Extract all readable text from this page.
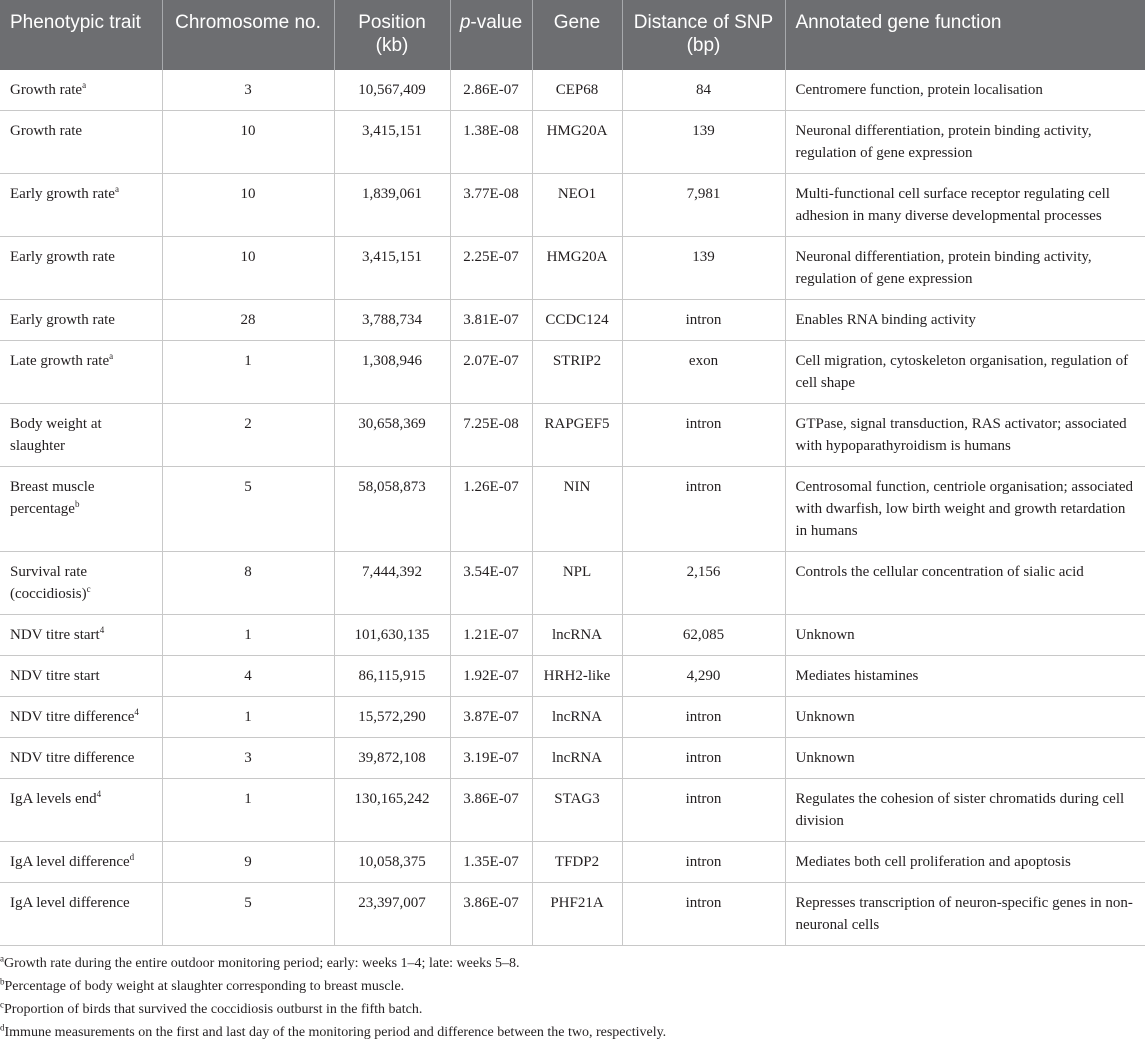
Phenotypic trait	Chromosome no.	Position (kb)	p-value	Gene	Distance of SNP (bp)	Annotated gene function
Growth rate$^a$	3	10,567,409	2.86E-07	CEP68	84	Centromere function, protein localisation
Growth rate	10	3,415,151	1.38E-08	HMG20A	139	Neuronal differentiation, protein binding activity, regulation of gene expression
Early growth rate$^a$	10	1,839,061	3.77E-08	NEO1	7,981	Multi-functional cell surface receptor regulating cell adhesion in many diverse developmental processes
Early growth rate	10	3,415,151	2.25E-07	HMG20A	139	Neuronal differentiation, protein binding activity, regulation of gene expression
Early growth rate	28	3,788,734	3.81E-07	CCDC124	intron	Enables RNA binding activity
Late growth rate$^a$	1	1,308,946	2.07E-07	STRIP2	exon	Cell migration, cytoskeleton organisation, regulation of cell shape
Body weight at slaughter	2	30,658,369	7.25E-08	RAPGEF5	intron	GTPase, signal transduction, RAS activator; associated with hypoparathyroidism is humans
Breast muscle percentage$^b$	5	58,058,873	1.26E-07	NIN	intron	Centrosomal function, centriole organisation; associated with dwarfish, low birth weight and growth retardation in humans
Survival rate (coccidiosis)$^c$	8	7,444,392	3.54E-07	NPL	2,156	Controls the cellular concentration of sialic acid
NDV titre start$^4$	1	101,630,135	1.21E-07	lncRNA	62,085	Unknown
NDV titre start	4	86,115,915	1.92E-07	HRH2-like	4,290	Mediates histamines
NDV titre difference$^4$	1	15,572,290	3.87E-07	lncRNA	intron	Unknown
NDV titre difference	3	39,872,108	3.19E-07	lncRNA	intron	Unknown
IgA levels end$^4$	1	130,165,242	3.86E-07	STAG3	intron	Regulates the cohesion of sister chromatids during cell division
IgA level difference$^d$	9	10,058,375	1.35E-07	TFDP2	intron	Mediates both cell proliferation and apoptosis
IgA level difference	5	23,397,007	3.86E-07	PHF21A	intron	Represses transcription of neuron-specific genes in non-neuronal cells
$^a$Growth rate during the entire outdoor monitoring period; early: weeks 1–4; late: weeks 5–8.
$^b$Percentage of body weight at slaughter corresponding to breast muscle.
$^c$Proportion of birds that survived the coccidiosis outburst in the fifth batch.
$^d$Immune measurements on the first and last day of the monitoring period and difference between the two, respectively.
